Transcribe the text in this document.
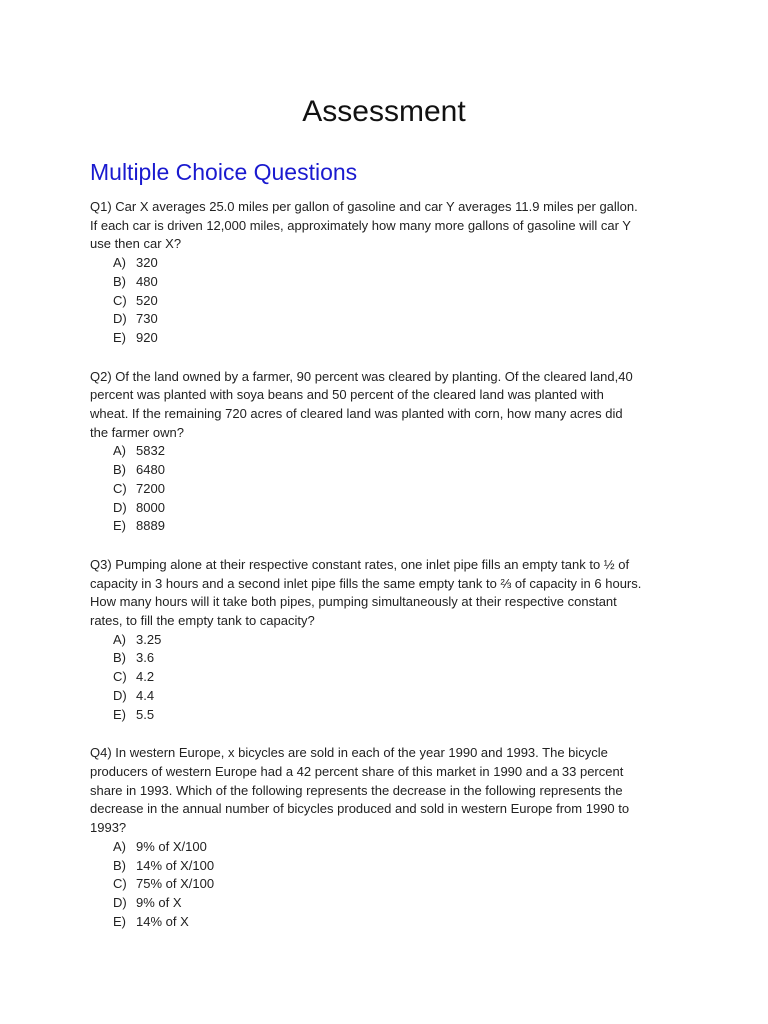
Assessment
Multiple Choice Questions

Q1) Car X averages 25.0 miles per gallon of gasoline and car Y averages 11.9 miles per gallon.
If each car is driven 12,000 miles, approximately how many more gallons of gasoline will car Y
use then car X?

A) 320
B) 480
C) 520
D) 730
E) 920

Q2) Of the land owned by a farmer, 90 percent was cleared by planting. Of the cleared land,40
percent was planted with soya beans and 50 percent of the cleared land was planted with
wheat. If the remaining 720 acres of cleared land was planted with corn, how many acres did
the farmer own?

A) 5832
B) 6480
C) 7200
D) 8000
E) 8889

Q3) Pumping alone at their respective constant rates, one inlet pipe fills an empty tank to ½ of
capacity in 3 hours and a second inlet pipe fills the same empty tank to ⅔ of capacity in 6 hours.
How many hours will it take both pipes, pumping simultaneously at their respective constant
rates, to fill the empty tank to capacity?

A) 3.25
B) 3.6
C) 4.2
D) 4.4
E) 5.5

Q4) In western Europe, x bicycles are sold in each of the year 1990 and 1993. The bicycle
producers of western Europe had a 42 percent share of this market in 1990 and a 33 percent
share in 1993. Which of the following represents the decrease in the following represents the
decrease in the annual number of bicycles produced and sold in western Europe from 1990 to
1993?

A) 9% of X/100
B) 14% of X/100
C) 75% of X/100
D) 9% of X
E) 14% of X
